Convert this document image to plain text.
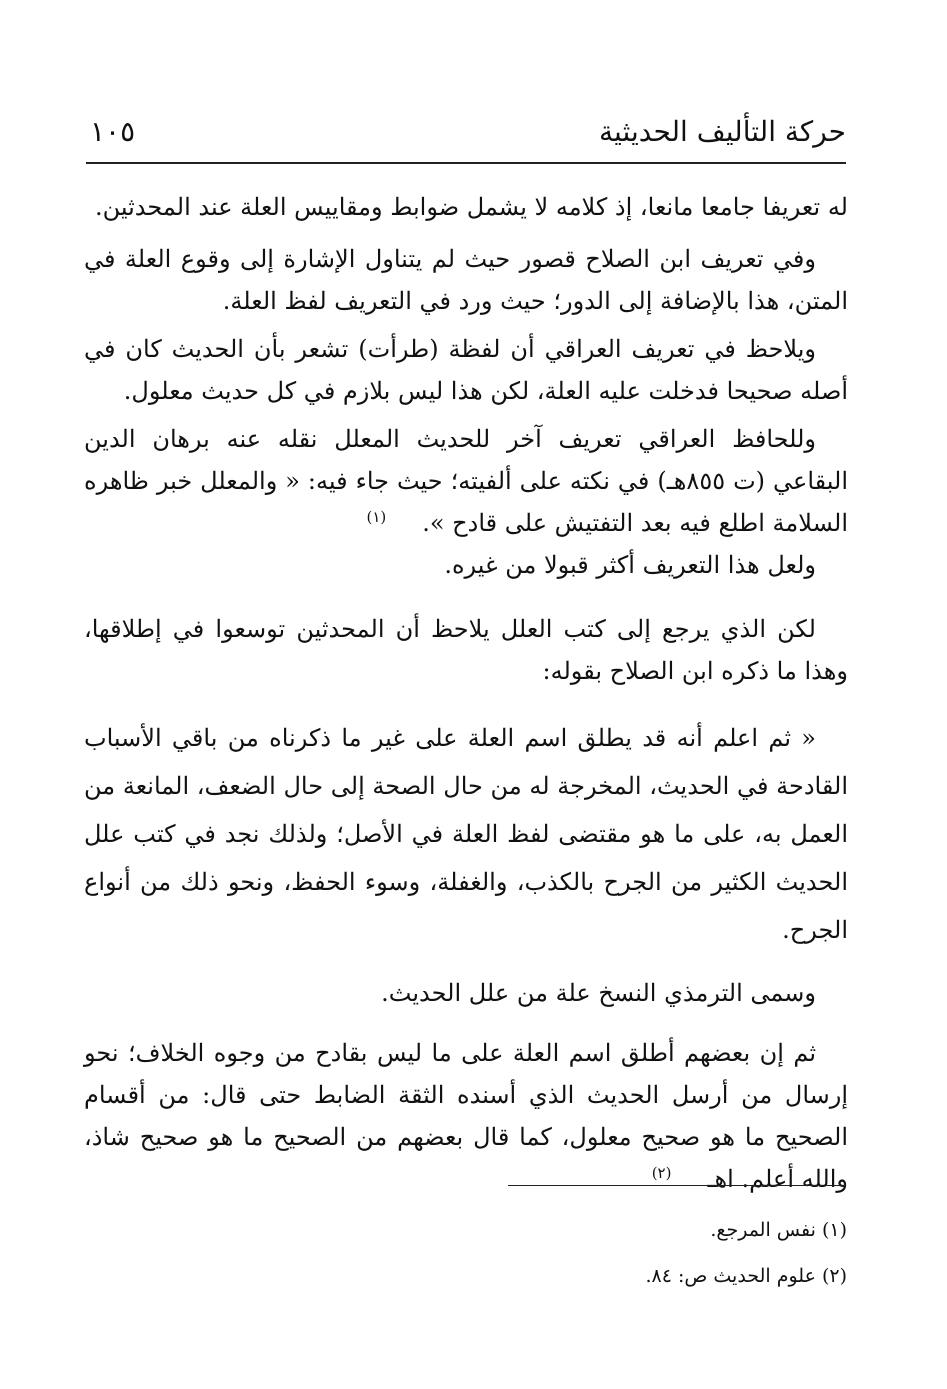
حركة التأليف الحديثية
١٠٥

له تعريفا جامعا مانعا، إذ كلامه لا يشمل ضوابط ومقاييس العلة عند المحدثين.

وفي تعريف ابن الصلاح قصور حيث لم يتناول الإشارة إلى وقوع العلة في المتن، هذا بالإضافة إلى الدور؛ حيث ورد في التعريف لفظ العلة.

ويلاحظ في تعريف العراقي أن لفظة (طرأت) تشعر بأن الحديث كان في أصله صحيحا فدخلت عليه العلة، لكن هذا ليس بلازم في كل حديث معلول.

وللحافظ العراقي تعريف آخر للحديث المعلل نقله عنه برهان الدين البقاعي (ت ٨٥٥هـ) في نكته على ألفيته؛ حيث جاء فيه: « والمعلل خبر ظاهره السلامة اطلع فيه بعد التفتيش على قادح ».(١)

ولعل هذا التعريف أكثر قبولا من غيره.

لكن الذي يرجع إلى كتب العلل يلاحظ أن المحدثين توسعوا في إطلاقها، وهذا ما ذكره ابن الصلاح بقوله:

« ثم اعلم أنه قد يطلق اسم العلة على غير ما ذكرناه من باقي الأسباب القادحة في الحديث، المخرجة له من حال الصحة إلى حال الضعف، المانعة من العمل به، على ما هو مقتضى لفظ العلة في الأصل؛ ولذلك نجد في كتب علل الحديث الكثير من الجرح بالكذب، والغفلة، وسوء الحفظ، ونحو ذلك من أنواع الجرح.

وسمى الترمذي النسخ علة من علل الحديث.

ثم إن بعضهم أطلق اسم العلة على ما ليس بقادح من وجوه الخلاف؛ نحو إرسال من أرسل الحديث الذي أسنده الثقة الضابط حتى قال: من أقسام الصحيح ما هو صحيح معلول، كما قال بعضهم من الصحيح ما هو صحيح شاذ، والله أعلم. اهـ(٢)

(١) نفس المرجع.

(٢) علوم الحديث ص: ٨٤.
